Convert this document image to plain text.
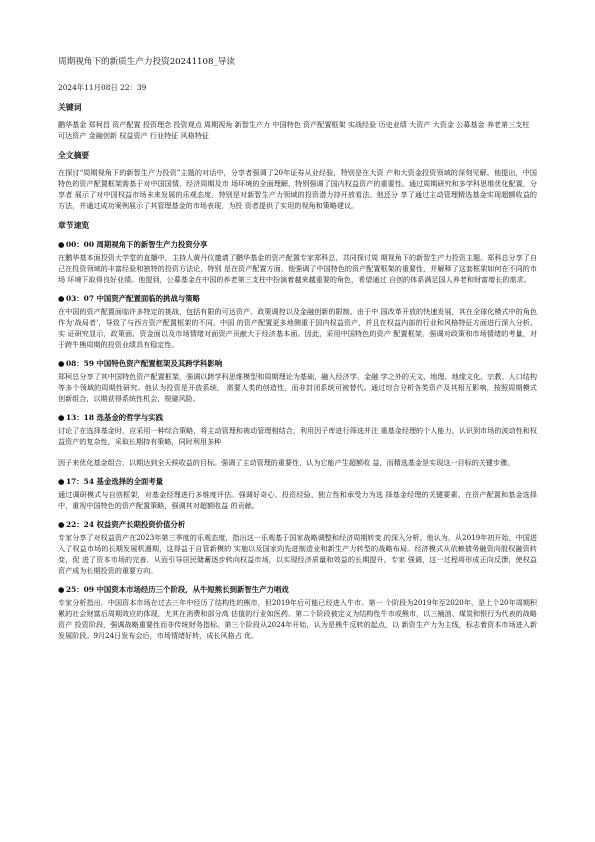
周期视角下的新质生产力投资20241108_导读
2024年11月08日 22：39
关键词
鹏华基金 郑柯昌 资产配置 投资理念 投资观点 周期视角 新智生产力 中国特色 资产配置框架 实战经验 历史业绩 大资产 大资金 公募基金 养老第三支柱 可达资产 金融创新 权益资产 行业特征 风格特征
全文摘要
在探讨“周期视角下的新智生产力投资”主题的对话中，分享者强调了20年证券从业经验，特别是在大资 产和大资金投资领域的深刻见解。他提出，中国特色的资产配置框架需基于对中国国情、经济周期及市 场环境的全面理解，特别强调了国内权益资产的重要性。通过周期研究和多学科思维优化配置，分享者 展示了对中国权益市场未来发展的乐观态度，特别是对新智生产力领域的投资潜力持开放看法。他还分 享了通过主动管理精选基金实现超额收益的方法，并通过成功案例展示了其管理基金的市场表现，为投 资者提供了实用的视角和策略建议。
章节速览
● 00：00 周期视角下的新智生产力投资分享
在鹏华基本面投资大学堂的直播中，主持人黄丹仪邀请了鹏华基金的资产配置专家郑科总，共同探讨周 期视角下的新智生产力投资主题。郑科总分享了自己在投资领域的丰富经验和独特的投资方法论，特别 是在资产配置方面，他强调了中国特色的资产配置框架的重要性，并解释了这套框架如何在不同的市场 环境下取得良好业绩。他提到，公募基金在中国的养老第三支柱中扮演着越来越重要的角色，希望通过 自创的体系满足国人养老和财富增长的需求。
● 03：07 中国资产配置面临的挑战与策略
在中国的资产配置面临许多特定的挑战，包括有限的可达资产、政策调控以及金融创新的限制。由于中 国改革开放的快速发展，其在全球化模式中的角色作为‘战局者’，导致了与西方资产配置框架的不同。中国 的资产配置更多地侧重于国内权益资产，并且在权益内部的行业和风格特征方面进行深入分析。实 证研究显示，政策面、资金面以及市场情绪对面资产贡献大于经济基本面。因此，采用中国特色的资产 配置框架，强调对政策和市场情绪的考量，对于跨牛熊周期的投资业绩具有稳定性。
● 08：59 中国特色资产配置框架及其跨学科影响
郑柯总分享了其中国特色资产配置框架，强调以跨学科思维模型和周期理论为基础，融入经济学、金融 学之外的天文、地理、地缘文化、宗教、人口结构等多个领域的周期性研究。他认为投资是开放系统， 需要人类的创造性，而非封闭系统可被替代。通过综合分析各类资产及其相互影响，按照周期模式 创新组合，以期获得系统性机会，规避风险。
● 13：18 选基金的哲学与实践
讨论了在选择基金时，应采用一种综合策略，将主动管理和被动管理相结合，利用因子库进行筛选并注 重基金经理的个人能力。认识到市场的波动性和权益资产的复杂性，采取长期持有策略，同时利用多种
因子来优化基金组合，以期达到全天候收益的目标。强调了主动管理的重要性，认为它能产生超额收 益，而精选基金是实现这一目标的关键步骤。
● 17：54 基金选择的全面考量
通过调研模式与自创框架，对基金经理进行多维度评估。强调好奇心、投资经验、独立性和承受力为选 择基金经理的关键要素。在资产配置和基金选择中，重视中国特色的资产配置策略，强调其对超额收益 的贡献。
● 22：24 权益资产长期投资价值分析
专家分享了对权益资产在2023年第三季度的乐观态度，指出这一乐观基于国家战略调整和经济周期转变 的深入分析。他认为，从2019年初开始，中国进入了权益市场的长期发展机遇期，这得益于自管新模的 实施以及国家向先进制造业和新生产力转型的战略布局。经济模式从依赖债务融资向股权融资转变，促 进了资本市场的完善，从而引导居民储蓄逐步转向权益市场，以实现经济质量和效益的长期提升。专家 强调，这一过程将形成正向反馈，使权益资产成为长期投资的重要方向。
● 25：09 中国资本市场经历三个阶段，从牛短熊长到新智生产力唱戏
专家分析指出，中国资本市场在过去三年中经历了结构性的熊市，但2019年后可能已经进入牛市。第一 个阶段为2019年至2020年，是上个20年周期积累的社会财富后周期效应的体现，尤其在消费和部分高 估值的行业如医药。第二个阶段被定义为结构性牛市或熊市，以三桶油、煤炭和银行为代表的战略资产 投资阶段，强调战略重要性而非传统财务指标。第三个阶段从2024年开始，认为是熊牛反转的起点，以 新资生产力为主线，标志着资本市场进入新发展阶段。9月24日发布会后，市场情绪好转，成长风格占 优。
